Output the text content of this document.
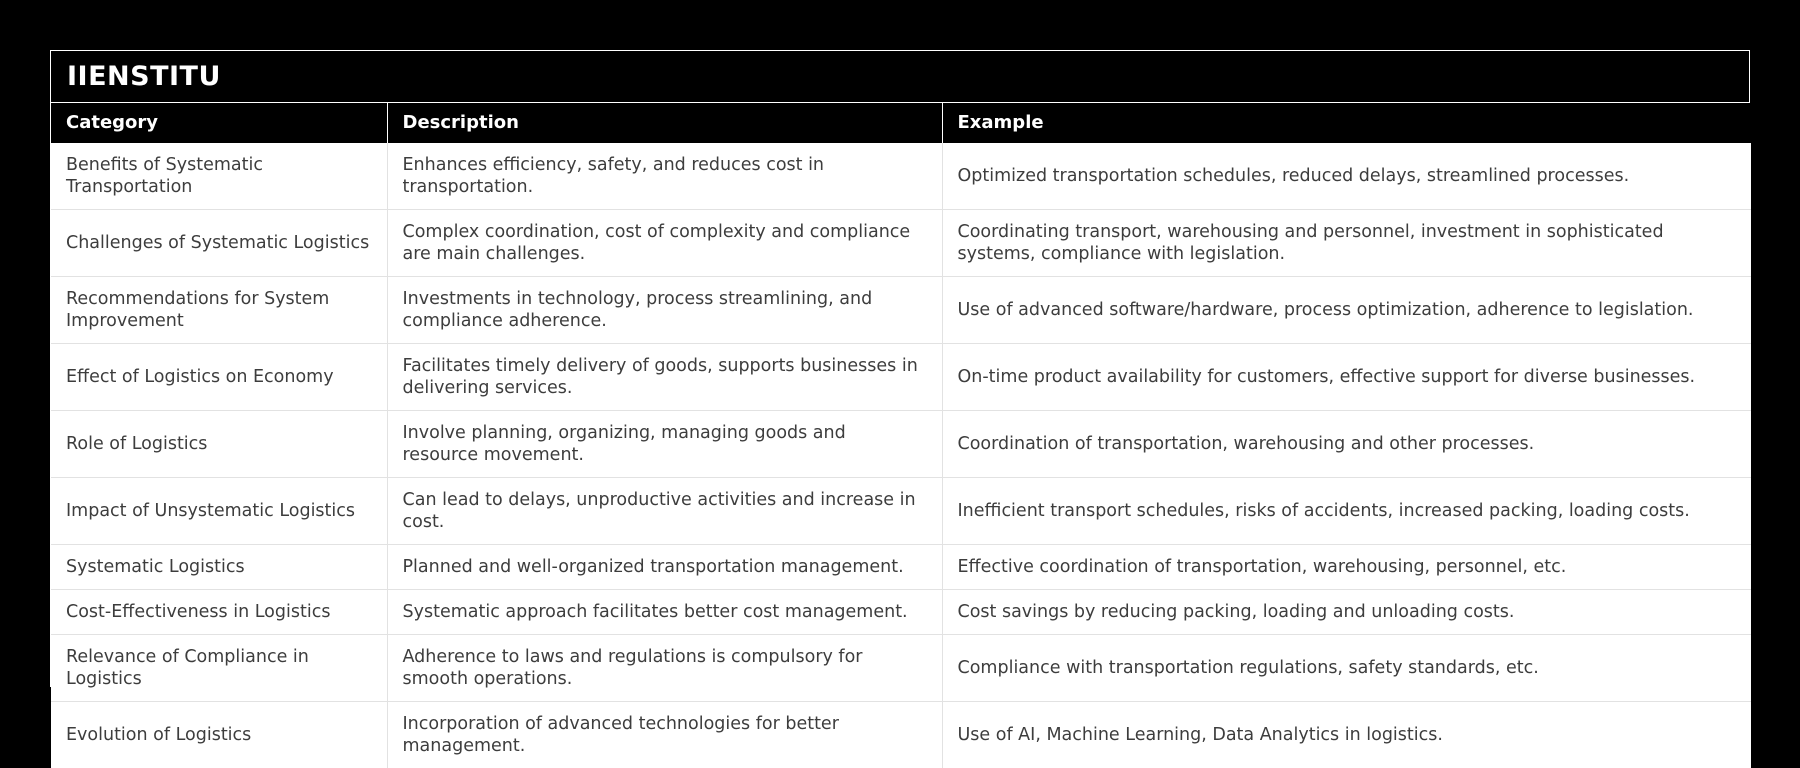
IIENSTITU
Category	Description	Example
Benefits of Systematic Transportation	Enhances efficiency, safety, and reduces cost in transportation.	Optimized transportation schedules, reduced delays, streamlined processes.
Challenges of Systematic Logistics	Complex coordination, cost of complexity and compliance are main challenges.	Coordinating transport, warehousing and personnel, investment in sophisticated systems, compliance with legislation.
Recommendations for System Improvement	Investments in technology, process streamlining, and compliance adherence.	Use of advanced software/hardware, process optimization, adherence to legislation.
Effect of Logistics on Economy	Facilitates timely delivery of goods, supports businesses in delivering services.	On-time product availability for customers, effective support for diverse businesses.
Role of Logistics	Involve planning, organizing, managing goods and resource movement.	Coordination of transportation, warehousing and other processes.
Impact of Unsystematic Logistics	Can lead to delays, unproductive activities and increase in cost.	Inefficient transport schedules, risks of accidents, increased packing, loading costs.
Systematic Logistics	Planned and well-organized transportation management.	Effective coordination of transportation, warehousing, personnel, etc.
Cost-Effectiveness in Logistics	Systematic approach facilitates better cost management.	Cost savings by reducing packing, loading and unloading costs.
Relevance of Compliance in Logistics	Adherence to laws and regulations is compulsory for smooth operations.	Compliance with transportation regulations, safety standards, etc.
Evolution of Logistics	Incorporation of advanced technologies for better management.	Use of AI, Machine Learning, Data Analytics in logistics.
